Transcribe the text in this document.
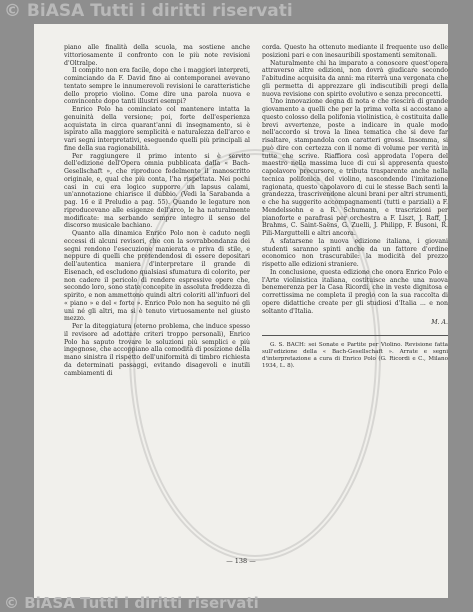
© BiASA Tutti i diritti riservati

piano alle finalità della scuola, ma sostiene anche vittoriosamente il confronto con le più note revisioni d'Oltralpe.

Il compito non era facile, dopo che i maggiori interpreti, cominciando da F. David fino ai contemporanei avevano tentato sempre le innumerevoli revisioni le caratteristiche dello proprio violino. Come dire una parola nuova e convincente dopo tanti illustri esempi?

Enrico Polo ha cominciato col mantenere intatta la genuinità della versione; poi, forte dell'esperienza acquistata in circa quarant'anni di insegnamento, si è ispirato alla maggiore semplicità e naturalezza dell'arco e vari segni interpretativi, eseguendo quelli più principali al fine della sua ragionabilità.

Per raggiungere il primo intento si è servito dell'edizione dell'Opera omnia pubblicata dalla « Bach-Gesellschaft », che riproduce fedelmente il manoscritto originale, e, qual che più conta, l'ha rispettata. Nei pochi casi in cui era logico supporre un lapsus calami, un'annotazione chiarisce il dubbio. (Vedi la Sarabanda a pag. 16 e il Preludio a pag. 55). Quando le legature non riproducevano alle esigenze dell'arco, le ha naturalmente modificate: ma serbando sempre integro il senso del discorso musicale bachiano.

Quanto alla dinamica Enrico Polo non è caduto negli eccessi di alcuni revisori, che con la sovrabbondanza dei segni rendono l'esecuzione manierata e priva di stile, e neppure di quelli che pretendendosi di essere depositari dell'autentica maniera d'interpretare il grande di Eisenach, ed escludono qualsiasi sfumatura di colorito, per non cadere il pericolo di rendere espressive opere che, secondo loro, sono state concepite in assoluta freddezza di spirito, e non ammettono quindi altri coloriti all'infuori del « piano » e del « forte ». Enrico Polo non ha seguito né gli uni né gli altri, ma si è tenuto virtuosamente nel giusto mezzo.

Per la diteggiatura (eterno problema, che induce spesso il revisore ad adottare criteri troppo personali), Enrico Polo ha saputo trovare le soluzioni più semplici e più ingegnose, che accoppiano alla comodità di posizione della mano sinistra il rispetto dell'uniformità di timbro richiesta da determinati passaggi, evitando disagevoli e inutili cambiamenti di

corda. Questo ha ottenuto mediante il frequente uso delle posizioni pari e con inesauribili spostamenti semitonali.

Naturalmente chi ha imparato a conoscere quest'opera attraverso altre edizioni, non dovrà giudicare secondo l'abitudine acquisita da anni: ma riterrà una vergonata che gli permetta di apprezzare gli indiscutibili pregi della nuova revisione con spirito evolutivo e senza preconcetti.

Uno innovazione degna di nota e che riescirà di grande giovamento a quelli che per la prima volta si accostano a questo colosso della polifonia violinistica, è costituita dalle brevi avvertenze, poste a indicare in quale modo nell'accordo si trova la linea tematica che si deve far risaltare, stampandola con caratteri grossi. Insomma, si può dire con certezza con il nome di volume per verità in tutte che scrive. Riaffiora così approdata l'opera del maestro nella massima luce di cui si appresenta questo capolavoro precursore, e tributa trasparente anche nella tecnica polifonica del violino, nascondendo l'imitazione ragionata, questo capolavoro di cui le stesse Bach sentì la grandezza, trascrivendone alcuni brani per altri strumenti, e che ha suggerito accompagnamenti (tutti e parziali) a F. Mendelssohn e a R. Schumann, e trascrizioni per pianoforte e parafrasi per orchestra a F. Liszt, J. Raff, J. Brahms, C. Saint-Saëns, G. Zuelli, J. Philipp, F. Busoni, R. Pili-Marguttelli e altri ancora.

A sfatarsene la nuova edizione italiana, i giovani studenti saranno spinti anche da un fattore d'ordine economico non trascurabile: la modicità del prezzo rispetto alle edizioni straniere.

In conclusione, questa edizione che onora Enrico Polo e l'Arte violinistica italiana, costituisce anche una nuova benemerenza per la Casa Ricordi, che in veste dignitosa e correttissima ne completa il pregio con la sua raccolta di opere didattiche create per gli studiosi d'Italia ... e non soltanto d'Italia.

M. A.

G. S. BACH: sei Sonate e Partite per Violino. Revisione fatta sull'edizione della « Bach-Gesellschaft ». Arrate e segni d'interpretazione a cura di Enrico Polo (G. Ricordi e C., Milano 1934, L. 8).

— 138 —
© BiASA Tutti i diritti riservati
